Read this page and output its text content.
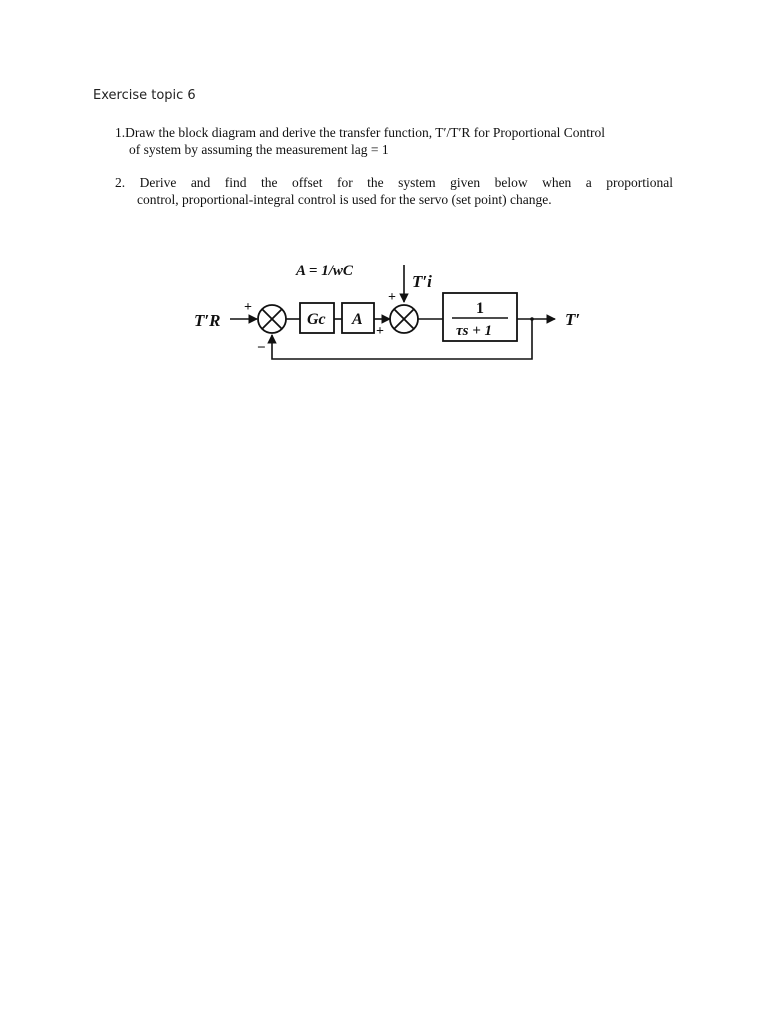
Exercise topic 6
1.Draw the block diagram and derive the transfer function, T′/T′R for Proportional Control
of system by assuming the measurement lag = 1
2. Derive and find the offset for the system given below when a proportional
control, proportional-integral control is used for the servo (set point) change.
A = 1/wC
T′R
+
Gc A
+
T′i
+
1
τs + 1
T′
−
